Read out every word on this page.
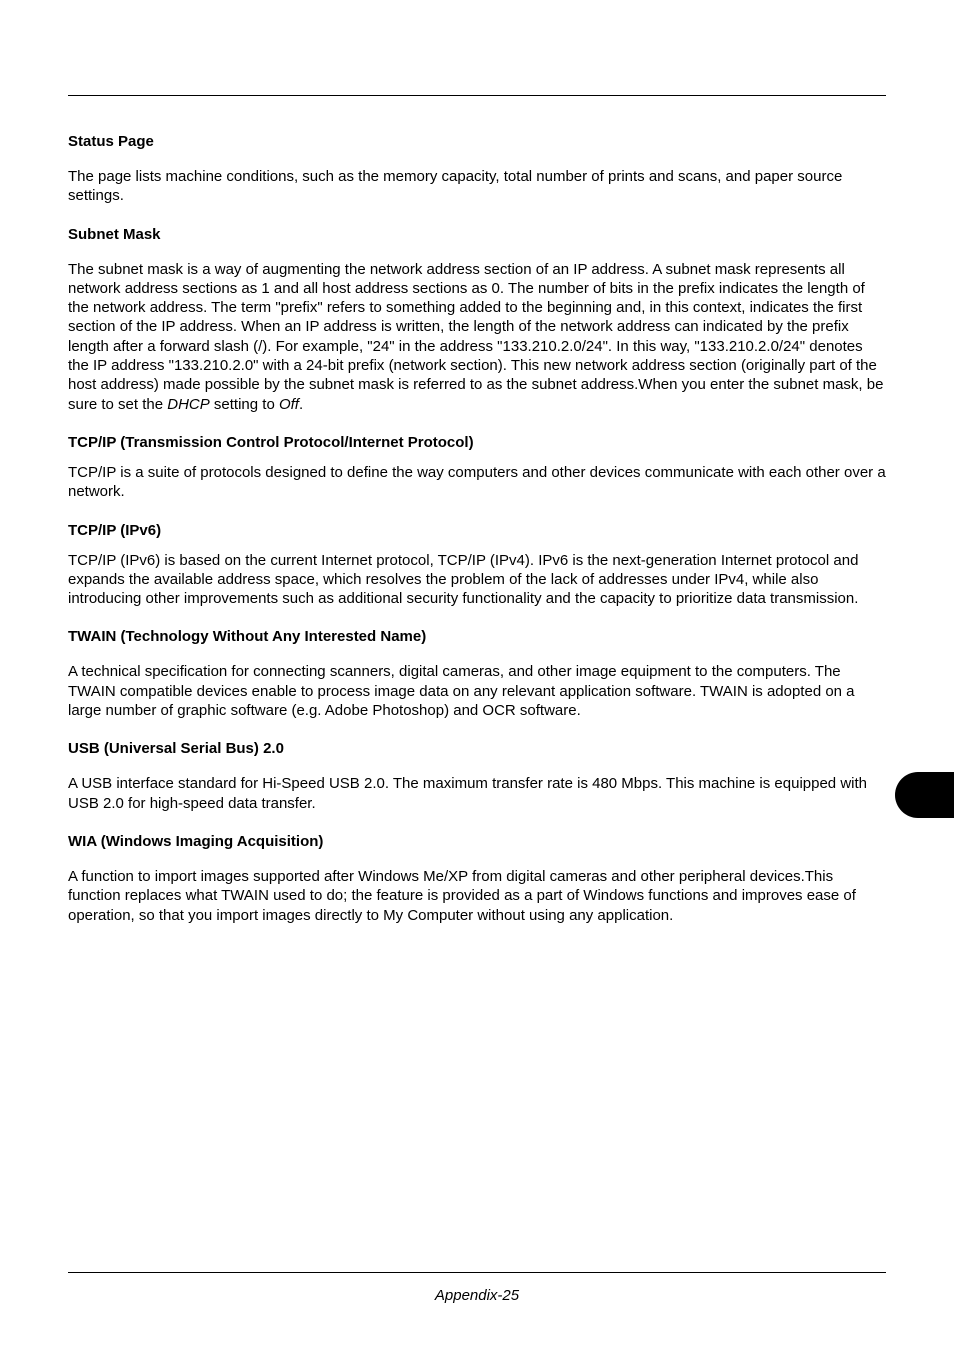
Status Page

The page lists machine conditions, such as the memory capacity, total number of prints and scans, and paper source settings.

Subnet Mask

The subnet mask is a way of augmenting the network address section of an IP address. A subnet mask represents all network address sections as 1 and all host address sections as 0. The number of bits in the prefix indicates the length of the network address. The term "prefix" refers to something added to the beginning and, in this context, indicates the first section of the IP address. When an IP address is written, the length of the network address can indicated by the prefix length after a forward slash (/). For example, "24" in the address "133.210.2.0/24". In this way, "133.210.2.0/24" denotes the IP address "133.210.2.0" with a 24-bit prefix (network section). This new network address section (originally part of the host address) made possible by the subnet mask is referred to as the subnet address.When you enter the subnet mask, be sure to set the DHCP setting to Off.

TCP/IP (Transmission Control Protocol/Internet Protocol)

TCP/IP is a suite of protocols designed to define the way computers and other devices communicate with each other over a network.

TCP/IP (IPv6)

TCP/IP (IPv6) is based on the current Internet protocol, TCP/IP (IPv4). IPv6 is the next-generation Internet protocol and expands the available address space, which resolves the problem of the lack of addresses under IPv4, while also introducing other improvements such as additional security functionality and the capacity to prioritize data transmission.

TWAIN (Technology Without Any Interested Name)

A technical specification for connecting scanners, digital cameras, and other image equipment to the computers. The TWAIN compatible devices enable to process image data on any relevant application software. TWAIN is adopted on a large number of graphic software (e.g. Adobe Photoshop) and OCR software.

USB (Universal Serial Bus) 2.0

A USB interface standard for Hi-Speed USB 2.0. The maximum transfer rate is 480 Mbps. This machine is equipped with USB 2.0 for high-speed data transfer.

WIA (Windows Imaging Acquisition)

A function to import images supported after Windows Me/XP from digital cameras and other peripheral devices.This function replaces what TWAIN used to do; the feature is provided as a part of Windows functions and improves ease of operation, so that you import images directly to My Computer without using any application.

Appendix-25
